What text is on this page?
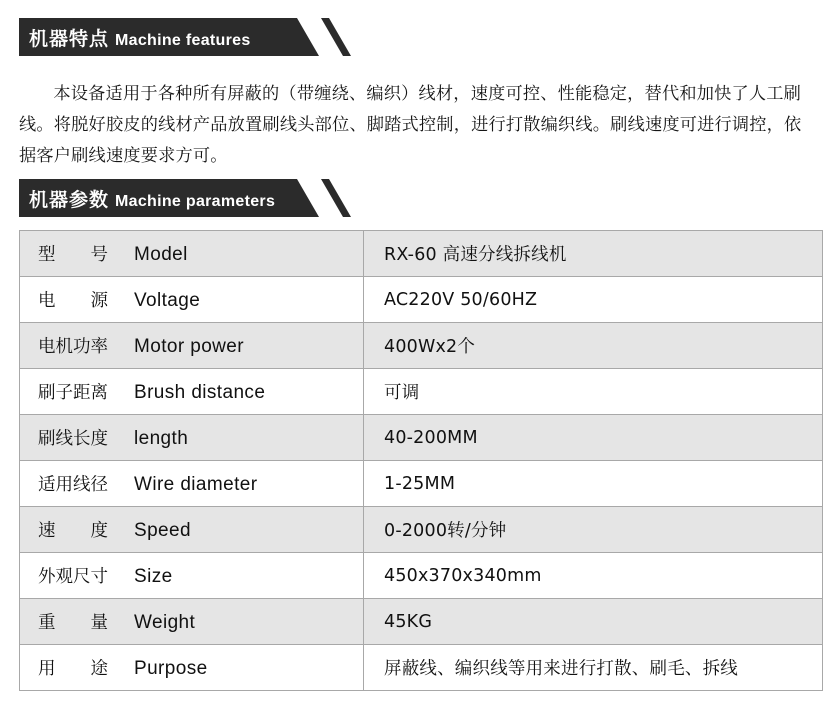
机器特点 Machine features

本设备适用于各种所有屏蔽的（带缠绕、编织）线材，速度可控、性能稳定，替代和加快了人工刷线。将脱好胶皮的线材产品放置刷线头部位、脚踏式控制，进行打散编织线。刷线速度可进行调控，依据客户刷线速度要求方可。

机器参数 Machine parameters
型　　号 Model	RX-60 高速分线拆线机
电　　源 Voltage	AC220V 50/60HZ
电机功率 Motor power	400Wx2个
刷子距离 Brush distance	可调
刷线长度 length	40-200MM
适用线径 Wire diameter	1-25MM
速　　度 Speed	0-2000转/分钟
外观尺寸 Size	450x370x340mm
重　　量 Weight	45KG
用　　途 Purpose	屏蔽线、编织线等用来进行打散、刷毛、拆线
